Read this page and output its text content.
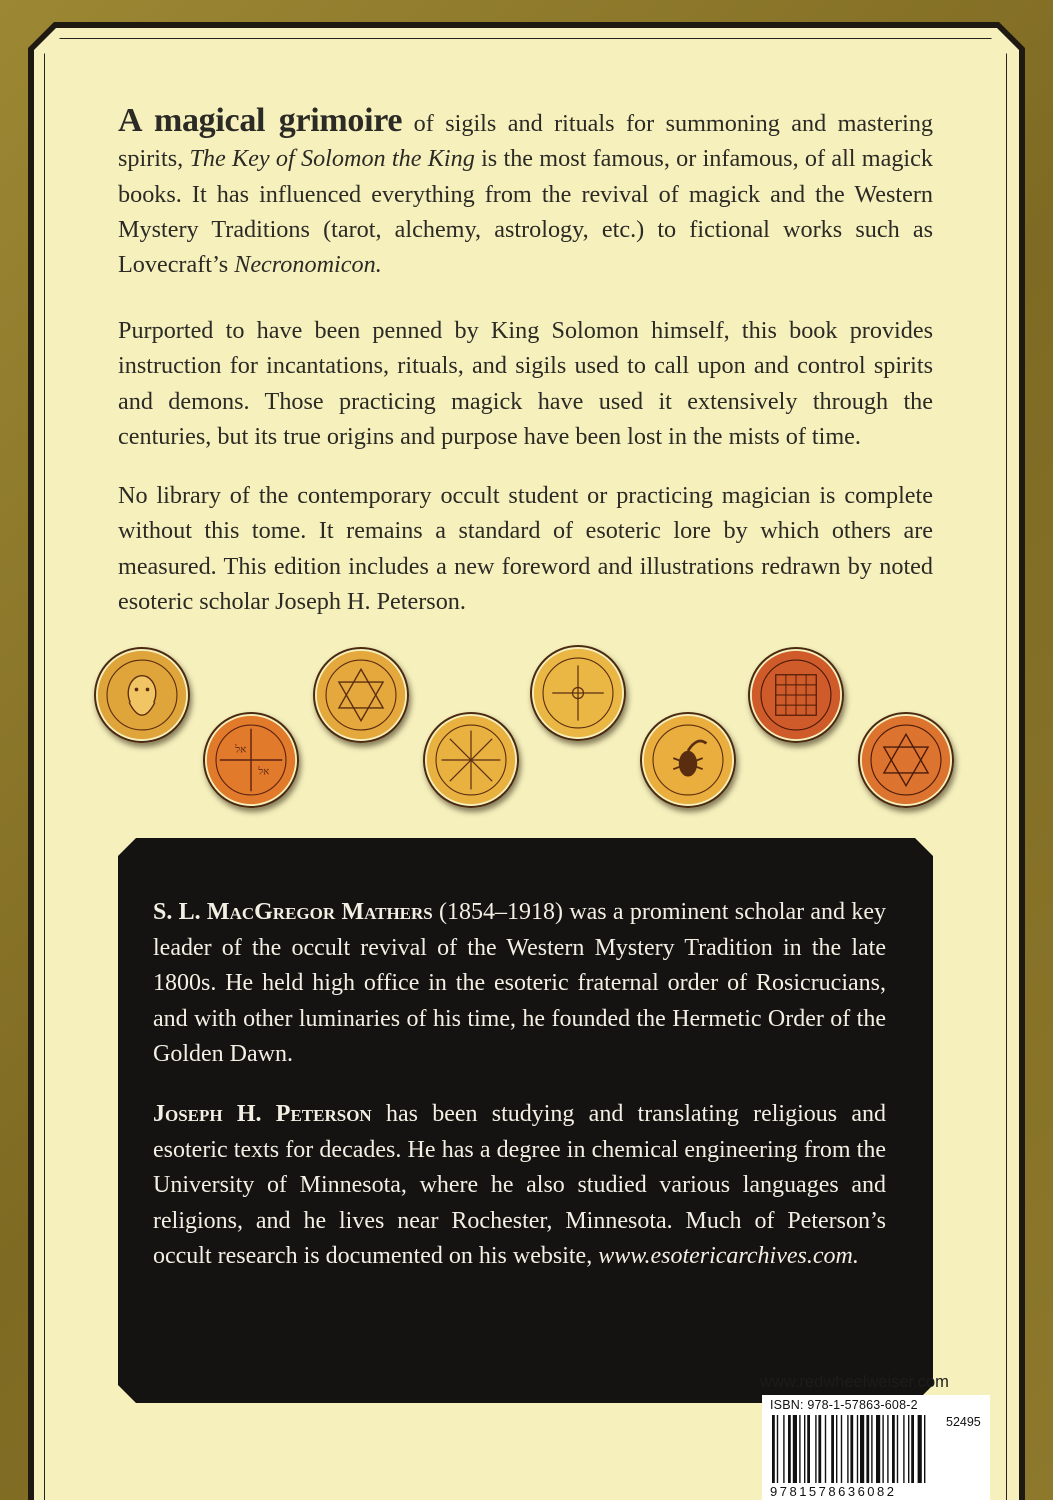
A magical grimoire of sigils and rituals for summoning and mastering spirits, The Key of Solomon the King is the most famous, or infamous, of all magick books. It has influenced everything from the revival of magick and the Western Mystery Traditions (tarot, alchemy, astrology, etc.) to fictional works such as Lovecraft’s Necronomicon.

Purported to have been penned by King Solomon himself, this book provides instruction for incantations, rituals, and sigils used to call upon and control spirits and demons. Those practicing magick have used it extensively through the centuries, but its true origins and purpose have been lost in the mists of time.

No library of the contemporary occult student or practicing magician is complete without this tome. It remains a standard of esoteric lore by which others are measured. This edition includes a new foreword and illustrations redrawn by noted esoteric scholar Joseph H. Peterson.

אל
אל

S. L. MacGregor Mathers (1854–1918) was a prominent scholar and key leader of the occult revival of the Western Mystery Tradition in the late 1800s. He held high office in the esoteric fraternal order of Rosicrucians, and with other luminaries of his time, he founded the Hermetic Order of the Golden Dawn.

Joseph H. Peterson has been studying and translating religious and esoteric texts for decades. He has a degree in chemical engineering from the University of Minnesota, where he also studied various languages and religions, and he lives near Rochester, Minnesota. Much of Peterson’s occult research is documented on his website, www.esotericarchives.com.

www.redwheelweiser.com
ISBN: 978-1-57863-608-2
52495
9781578636082
